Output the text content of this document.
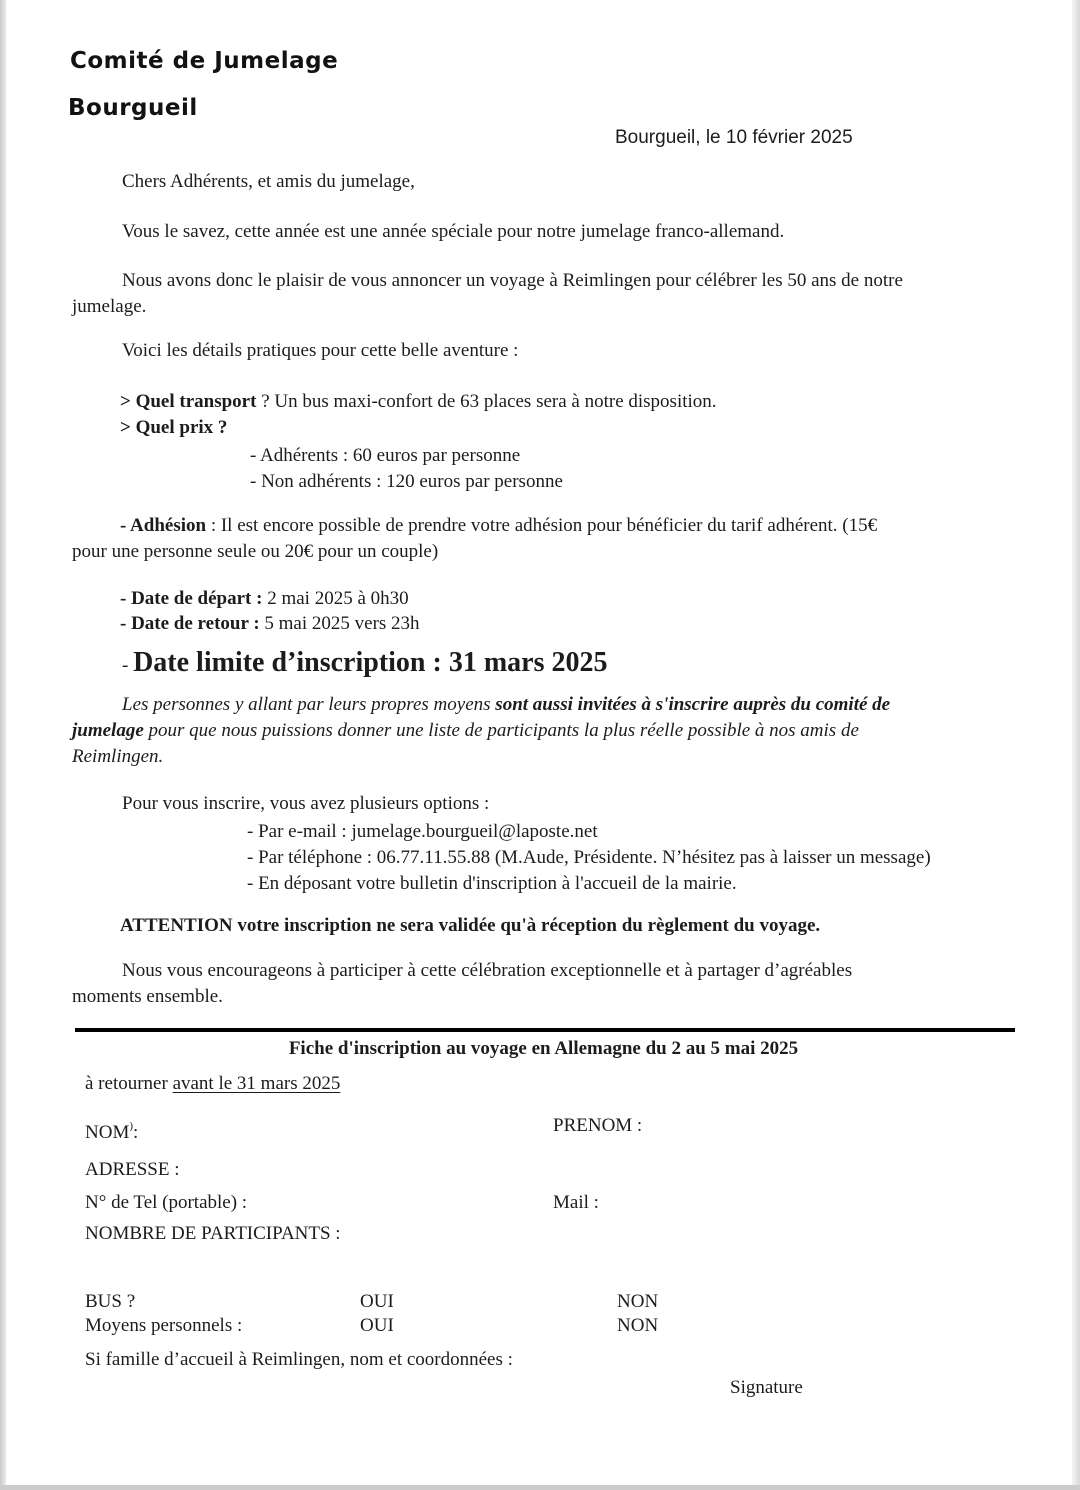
Comité de Jumelage
Bourgueil
Bourgueil, le 10 février 2025
Chers Adhérents, et amis du jumelage,
Vous le savez, cette année est une année spéciale pour notre jumelage franco-allemand.
Nous avons donc le plaisir de vous annoncer un voyage à Reimlingen pour célébrer les 50 ans de notre
jumelage.
Voici les détails pratiques pour cette belle aventure :
> Quel transport ? Un bus maxi-confort de 63 places sera à notre disposition.
> Quel prix ?
- Adhérents : 60 euros par personne
- Non adhérents : 120 euros par personne
- Adhésion : Il est encore possible de prendre votre adhésion pour bénéficier du tarif adhérent. (15€
pour une personne seule ou 20€ pour un couple)
- Date de départ : 2 mai 2025 à 0h30
- Date de retour : 5 mai 2025 vers 23h
- Date limite d’inscription : 31 mars 2025
Les personnes y allant par leurs propres moyens sont aussi invitées à s'inscrire auprès du comité de
jumelage pour que nous puissions donner une liste de participants la plus réelle possible à nos amis de
Reimlingen.
Pour vous inscrire, vous avez plusieurs options :
- Par e-mail : jumelage.bourgueil@laposte.net
- Par téléphone : 06.77.11.55.88 (M.Aude, Présidente. N’hésitez pas à laisser un message)
- En déposant votre bulletin d'inscription à l'accueil de la mairie.
ATTENTION votre inscription ne sera validée qu'à réception du règlement du voyage.
Nous vous encourageons à participer à cette célébration exceptionnelle et à partager d’agréables
moments ensemble.
Fiche d'inscription au voyage en Allemagne du 2 au 5 mai 2025
à retourner avant le 31 mars 2025
NOM):	PRENOM :
ADRESSE :
N° de Tel (portable) :	Mail :
NOMBRE DE PARTICIPANTS :
BUS ?	OUI	NON
Moyens personnels :	OUI	NON
Si famille d’accueil à Reimlingen, nom et coordonnées :
Signature
